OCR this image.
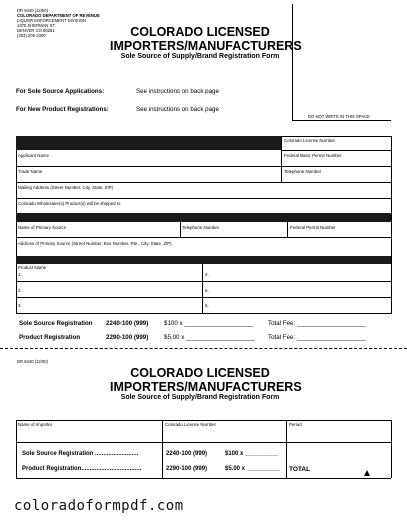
DR 8440 (12/00)
COLORADO DEPARTMENT OF REVENUE
LIQUOR ENFORCEMENT DIVISION
1375 SHERMAN ST
DENVER CO 80261
(303) 205-2300	COLORADO LICENSED
IMPORTERS/MANUFACTURERS
Sole Source of Supply/Brand Registration Form
DO NOT WRITE IN THIS SPACE
For Sole Source Applications:	See instructions on back page
For New Product Registrations:	See instructions on back page
Colorado License Number
Applicant Name	Federal Basic Permit Number
Trade Name	Telephone Number
Mailing Address (Street Number, City, State, ZIP)
Colorado Wholesaler(s) Product(s) will be shipped to
Name of Primary Source	Telephone Number	Federal Permit Number
Address of Primary Source (Street Number, Box Number, Rte., City, State, ZIP)
Product Name
1.	4.
2.	5.
3.	6.
Sole Source Registration 2240-100 (999)	$100 x ____________________ Total Fee: ____________________
Product Registration	2290-100 (999)	$5.00 x ____________________ Total Fee: ____________________
DR 8440 (12/00)
COLORADO LICENSED
IMPORTERS/MANUFACTURERS
Sole Source of Supply/Brand Registration Form
Name of Importer	Colorado License Number	Period
Sole Source Registration ..........................	2240-100 (999)	$100 x __________
Product Registration....................................	2290-100 (999)	$5.00 x __________ TOTAL
coloradoformpdf.com
